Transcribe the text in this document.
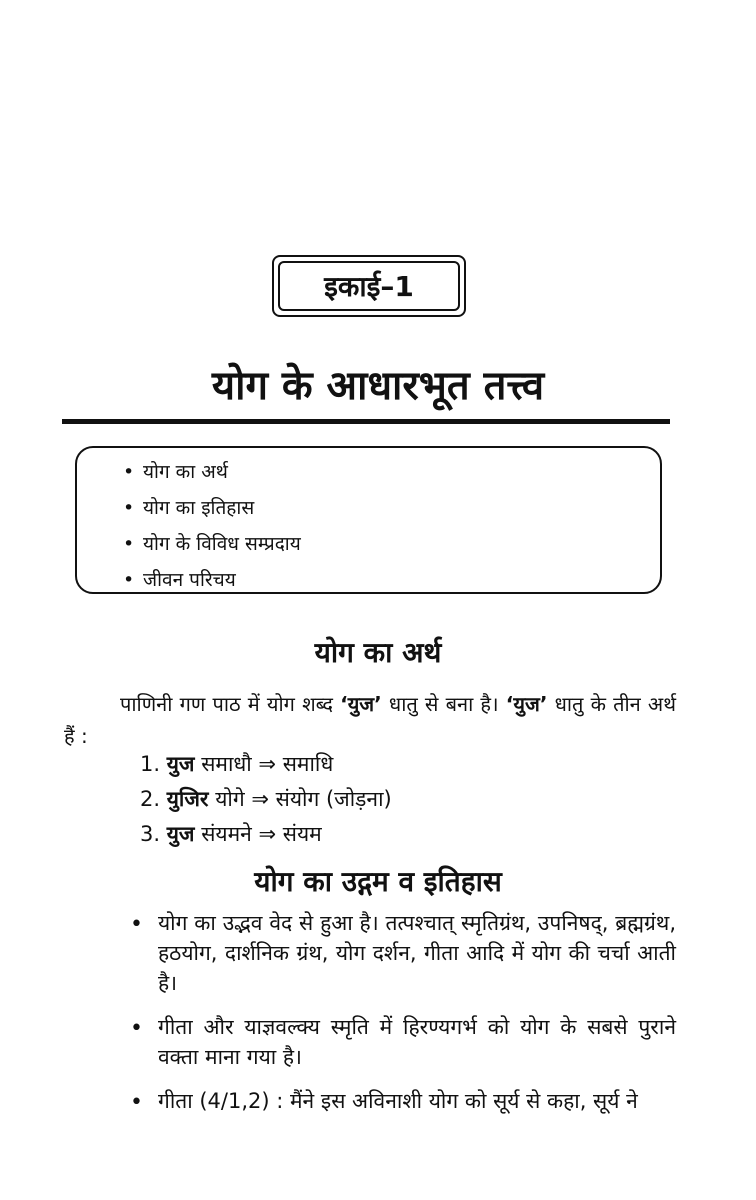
इकाई–1
योग के आधारभूत तत्त्व
• योग का अर्थ
• योग का इतिहास
• योग के विविध सम्प्रदाय
• जीवन परिचय
योग का अर्थ
पाणिनी गण पाठ में योग शब्द ‘युज’ धातु से बना है। ‘युज’ धातु के तीन अर्थ हैं :
1. युज समाधौ ⇒ समाधि
2. युजिर योगे ⇒ संयोग (जोड़ना)
3. युज संयमने ⇒ संयम
योग का उद्गम व इतिहास
• योग का उद्भव वेद से हुआ है। तत्पश्चात् स्मृतिग्रंथ, उपनिषद्, ब्रह्मग्रंथ, हठयोग, दार्शनिक ग्रंथ, योग दर्शन, गीता आदि में योग की चर्चा आती है।
• गीता और याज्ञवल्क्य स्मृति में हिरण्यगर्भ को योग के सबसे पुराने वक्ता माना गया है।
• गीता (4/1,2) : मैंने इस अविनाशी योग को सूर्य से कहा, सूर्य ने
